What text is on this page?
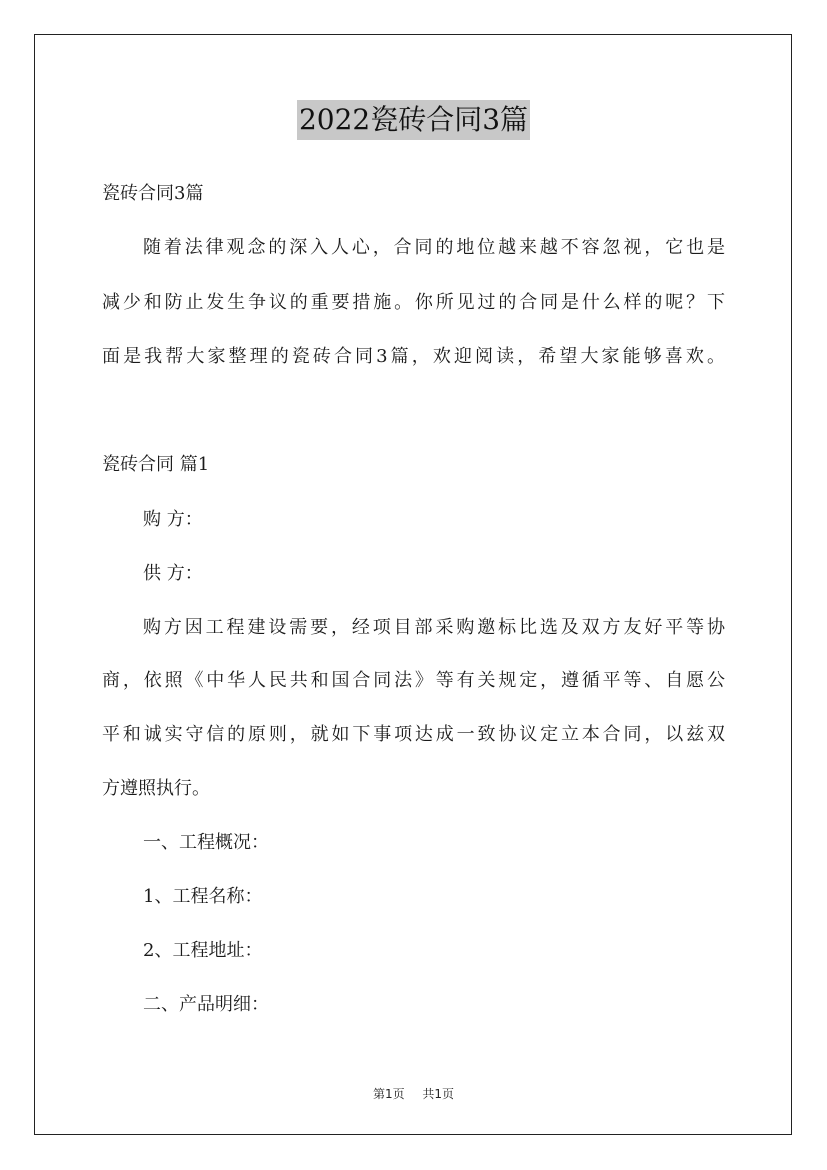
2022瓷砖合同3篇
瓷砖合同3篇
随着法律观念的深入人心，合同的地位越来越不容忽视，它也是
减少和防止发生争议的重要措施。你所见过的合同是什么样的呢？下
面是我帮大家整理的瓷砖合同3篇，欢迎阅读，希望大家能够喜欢。
瓷砖合同 篇1
购 方：
供 方：
购方因工程建设需要，经项目部采购邀标比选及双方友好平等协
商，依照《中华人民共和国合同法》等有关规定，遵循平等、自愿公
平和诚实守信的原则，就如下事项达成一致协议定立本合同，以兹双
方遵照执行。
一、工程概况：
1、工程名称：
2、工程地址：
二、产品明细：
第1页 共1页
